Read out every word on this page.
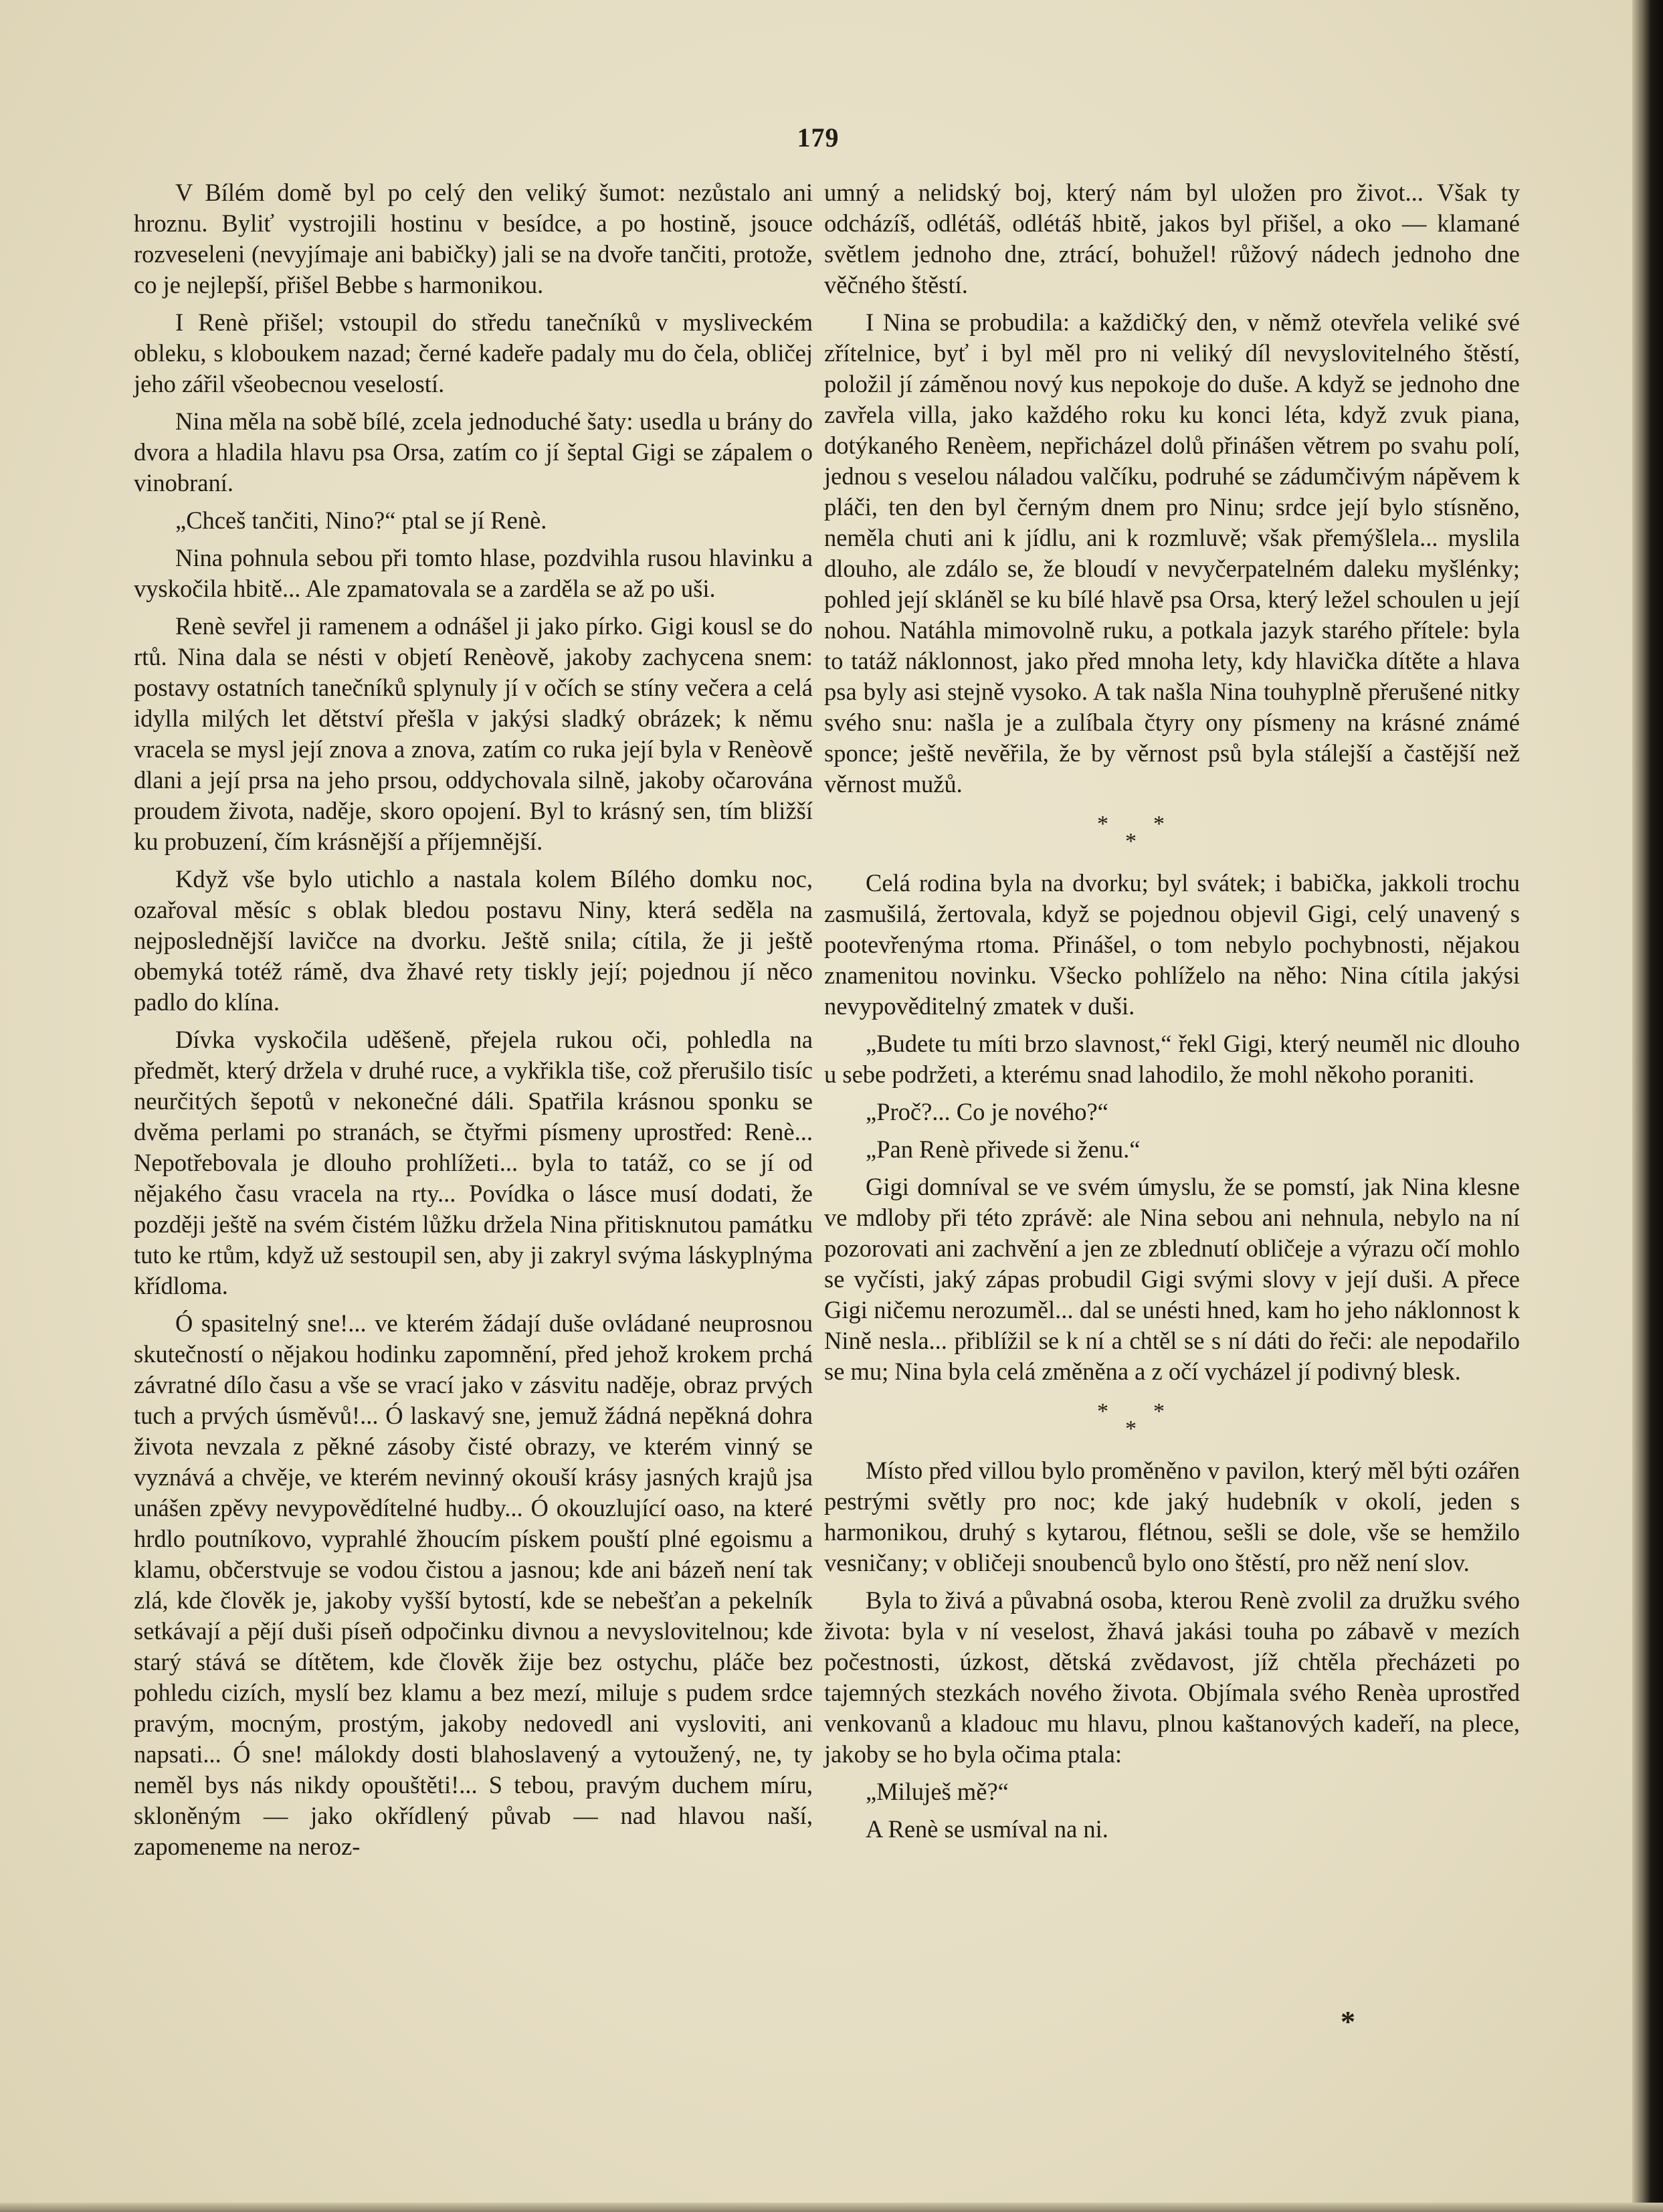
179

V Bílém domě byl po celý den veliký šumot: nezůstalo ani hroznu. Byliť vystrojili hostinu v besídce, a po hostině, jsouce rozveseleni (nevyjímaje ani babičky) jali se na dvoře tančiti, protože, co je nejlepší, přišel Bebbe s harmonikou.

I Renè přišel; vstoupil do středu tanečníků v mysliveckém obleku, s kloboukem nazad; černé kadeře padaly mu do čela, obličej jeho zářil všeobecnou veselostí.

Nina měla na sobě bílé, zcela jednoduché šaty: usedla u brány do dvora a hladila hlavu psa Orsa, zatím co jí šeptal Gigi se zápalem o vinobraní.

„Chceš tančiti, Nino?“ ptal se jí Renè.

Nina pohnula sebou při tomto hlase, pozdvihla rusou hlavinku a vyskočila hbitě... Ale zpamatovala se a zarděla se až po uši.

Renè sevřel ji ramenem a odnášel ji jako pírko. Gigi kousl se do rtů. Nina dala se nésti v objetí Renèově, jakoby zachycena snem: postavy ostatních tanečníků splynuly jí v očích se stíny večera a celá idylla milých let dětství přešla v jakýsi sladký obrázek; k němu vracela se mysl její znova a znova, zatím co ruka její byla v Renèově dlani a její prsa na jeho prsou, oddychovala silně, jakoby očarována proudem života, naděje, skoro opojení. Byl to krásný sen, tím bližší ku probuzení, čím krásnější a příjemnější.

Když vše bylo utichlo a nastala kolem Bílého domku noc, ozařoval měsíc s oblak bledou postavu Niny, která seděla na nejposlednější lavičce na dvorku. Ještě snila; cítila, že ji ještě obemyká totéž rámě, dva žhavé rety tiskly její; pojednou jí něco padlo do klína.

Dívka vyskočila uděšeně, přejela rukou oči, pohledla na předmět, který držela v druhé ruce, a vykřikla tiše, což přerušilo tisíc neurčitých šepotů v nekonečné dáli. Spatřila krásnou sponku se dvěma perlami po stranách, se čtyřmi písmeny uprostřed: Renè... Nepotřebovala je dlouho prohlížeti... byla to tatáž, co se jí od nějakého času vracela na rty... Povídka o lásce musí dodati, že později ještě na svém čistém lůžku držela Nina přitisknutou památku tuto ke rtům, když už sestoupil sen, aby ji zakryl svýma láskyplnýma křídloma.

Ó spasitelný sne!... ve kterém žádají duše ovládané neuprosnou skutečností o nějakou hodinku zapomnění, před jehož krokem prchá závratné dílo času a vše se vrací jako v zásvitu naděje, obraz prvých tuch a prvých úsměvů!... Ó laskavý sne, jemuž žádná nepěkná dohra života nevzala z pěkné zásoby čisté obrazy, ve kterém vinný se vyznává a chvěje, ve kterém nevinný okouší krásy jasných krajů jsa unášen zpěvy nevypovědítelné hudby... Ó okouzlující oaso, na které hrdlo poutníkovo, vyprahlé žhoucím pískem pouští plné egoismu a klamu, občerstvuje se vodou čistou a jasnou; kde ani bázeň není tak zlá, kde člověk je, jakoby vyšší bytostí, kde se nebešťan a pekelník setkávají a pějí duši píseň odpočinku divnou a nevyslovitelnou; kde starý stává se dítětem, kde člověk žije bez ostychu, pláče bez pohledu cizích, myslí bez klamu a bez mezí, miluje s pudem srdce pravým, mocným, prostým, jakoby nedovedl ani vysloviti, ani napsati... Ó sne! málokdy dosti blahoslavený a vytoužený, ne, ty neměl bys nás nikdy opouštěti!... S tebou, pravým duchem míru, skloněným — jako okřídlený půvab — nad hlavou naší, zapomeneme na neroz-

umný a nelidský boj, který nám byl uložen pro život... Však ty odcházíš, odlétáš, odlétáš hbitě, jakos byl přišel, a oko — klamané světlem jednoho dne, ztrácí, bohužel! růžový nádech jednoho dne věčného štěstí.

I Nina se probudila: a každičký den, v němž otevřela veliké své zřítelnice, byť i byl měl pro ni veliký díl nevyslovitelného štěstí, položil jí záměnou nový kus nepokoje do duše. A když se jednoho dne zavřela villa, jako každého roku ku konci léta, když zvuk piana, dotýkaného Renèem, nepřicházel dolů přinášen větrem po svahu polí, jednou s veselou náladou valčíku, podruhé se zádumčivým nápěvem k pláči, ten den byl černým dnem pro Ninu; srdce její bylo stísněno, neměla chuti ani k jídlu, ani k rozmluvě; však přemýšlela... myslila dlouho, ale zdálo se, že bloudí v nevyčerpatelném daleku myšlénky; pohled její skláněl se ku bílé hlavě psa Orsa, který ležel schoulen u její nohou. Natáhla mimovolně ruku, a potkala jazyk starého přítele: byla to tatáž náklonnost, jako před mnoha lety, kdy hlavička dítěte a hlava psa byly asi stejně vysoko. A tak našla Nina touhyplně přerušené nitky svého snu: našla je a zulíbala čtyry ony písmeny na krásné známé sponce; ještě nevěřila, že by věrnost psů byla stálejší a častější než věrnost mužů.

*
*
*

Celá rodina byla na dvorku; byl svátek; i babička, jakkoli trochu zasmušilá, žertovala, když se pojednou objevil Gigi, celý unavený s pootevřenýma rtoma. Přinášel, o tom nebylo pochybnosti, nějakou znamenitou novinku. Všecko pohlíželo na něho: Nina cítila jakýsi nevypověditelný zmatek v duši.

„Budete tu míti brzo slavnost,“ řekl Gigi, který neuměl nic dlouho u sebe podržeti, a kterému snad lahodilo, že mohl někoho poraniti.

„Proč?... Co je nového?“

„Pan Renè přivede si ženu.“

Gigi domníval se ve svém úmyslu, že se pomstí, jak Nina klesne ve mdloby při této zprávě: ale Nina sebou ani nehnula, nebylo na ní pozorovati ani zachvění a jen ze zblednutí obličeje a výrazu očí mohlo se vyčísti, jaký zápas probudil Gigi svými slovy v její duši. A přece Gigi ničemu nerozuměl... dal se unésti hned, kam ho jeho náklonnost k Nině nesla... přiblížil se k ní a chtěl se s ní dáti do řeči: ale nepodařilo se mu; Nina byla celá změněna a z očí vycházel jí podivný blesk.

*
*
*

Místo před villou bylo proměněno v pavilon, který měl býti ozářen pestrými světly pro noc; kde jaký hudebník v okolí, jeden s harmonikou, druhý s kytarou, flétnou, sešli se dole, vše se hemžilo vesničany; v obličeji snoubenců bylo ono štěstí, pro něž není slov.

Byla to živá a půvabná osoba, kterou Renè zvolil za družku svého života: byla v ní veselost, žhavá jakási touha po zábavě v mezích počestnosti, úzkost, dětská zvědavost, jíž chtěla přecházeti po tajemných stezkách nového života. Objímala svého Renèa uprostřed venkovanů a kladouc mu hlavu, plnou kaštanových kadeří, na plece, jakoby se ho byla očima ptala:

„Miluješ mě?“

A Renè se usmíval na ni.

*
